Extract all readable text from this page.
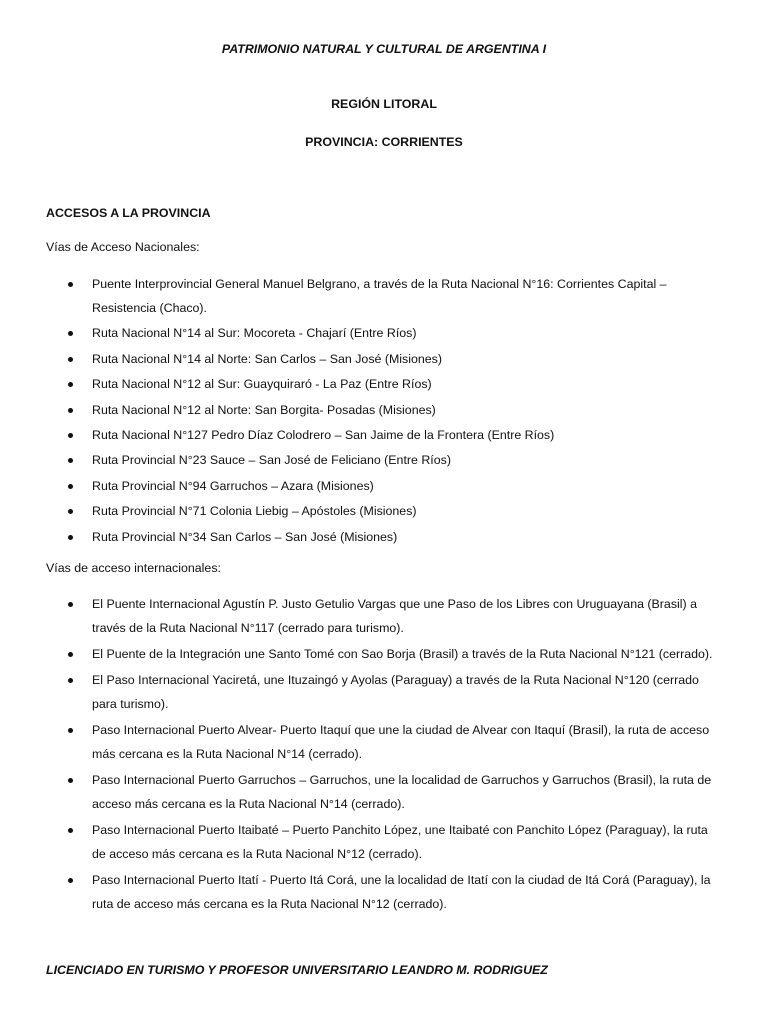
PATRIMONIO NATURAL Y CULTURAL DE ARGENTINA I
REGIÓN LITORAL
PROVINCIA: CORRIENTES
ACCESOS A LA PROVINCIA
Vías de Acceso Nacionales:
Puente Interprovincial General Manuel Belgrano, a través de la Ruta Nacional N°16: Corrientes Capital – Resistencia (Chaco).
Ruta Nacional N°14 al Sur: Mocoreta - Chajarí (Entre Ríos)
Ruta Nacional N°14 al Norte: San Carlos – San José (Misiones)
Ruta Nacional N°12 al Sur: Guayquiraró - La Paz (Entre Ríos)
Ruta Nacional N°12 al Norte: San Borgita- Posadas (Misiones)
Ruta Nacional N°127 Pedro Díaz Colodrero – San Jaime de la Frontera (Entre Ríos)
Ruta Provincial N°23 Sauce – San José de Feliciano (Entre Ríos)
Ruta Provincial N°94 Garruchos – Azara (Misiones)
Ruta Provincial N°71 Colonia Liebig – Apóstoles (Misiones)
Ruta Provincial N°34 San Carlos – San José (Misiones)
Vías de acceso internacionales:
El Puente Internacional Agustín P. Justo Getulio Vargas que une Paso de los Libres con Uruguayana (Brasil) a través de la Ruta Nacional N°117 (cerrado para turismo).
El Puente de la Integración une Santo Tomé con Sao Borja (Brasil) a través de la Ruta Nacional N°121 (cerrado).
El Paso Internacional Yaciretá, une Ituzaingó y Ayolas (Paraguay) a través de la Ruta Nacional N°120 (cerrado para turismo).
Paso Internacional Puerto Alvear- Puerto Itaquí que une la ciudad de Alvear con Itaquí (Brasil), la ruta de acceso más cercana es la Ruta Nacional N°14 (cerrado).
Paso Internacional Puerto Garruchos – Garruchos, une la localidad de Garruchos y Garruchos (Brasil), la ruta de acceso más cercana es la Ruta Nacional N°14 (cerrado).
Paso Internacional Puerto Itaibaté – Puerto Panchito López, une Itaibaté con Panchito López (Paraguay), la ruta de acceso más cercana es la Ruta Nacional N°12 (cerrado).
Paso Internacional Puerto Itatí - Puerto Itá Corá, une la localidad de Itatí con la ciudad de Itá Corá (Paraguay), la ruta de acceso más cercana es la Ruta Nacional N°12 (cerrado).
LICENCIADO EN TURISMO Y PROFESOR UNIVERSITARIO LEANDRO M. RODRIGUEZ
